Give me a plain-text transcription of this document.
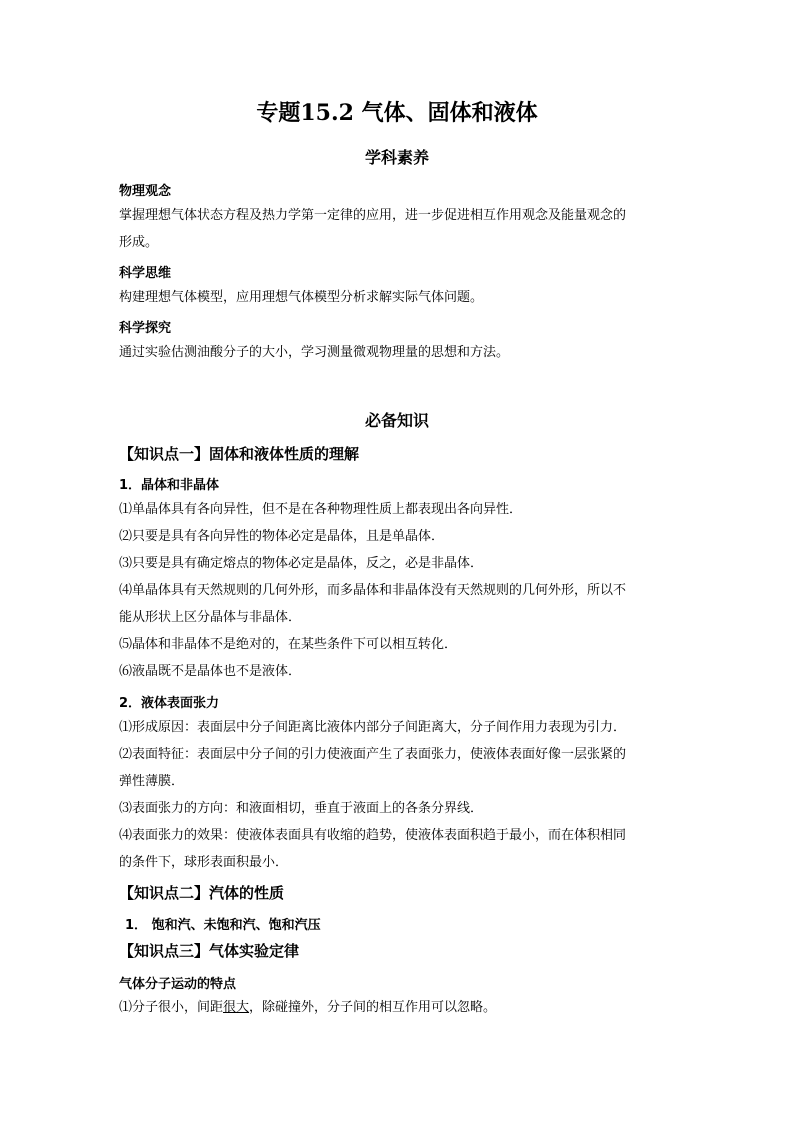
专题15.2 气体、固体和液体
学科素养
物理观念
掌握理想气体状态方程及热力学第一定律的应用，进一步促进相互作用观念及能量观念的
形成。
科学思维
构建理想气体模型，应用理想气体模型分析求解实际气体问题。
科学探究
通过实验估测油酸分子的大小，学习测量微观物理量的思想和方法。
必备知识
【知识点一】固体和液体性质的理解
1．晶体和非晶体
⑴单晶体具有各向异性，但不是在各种物理性质上都表现出各向异性．
⑵只要是具有各向异性的物体必定是晶体，且是单晶体．
⑶只要是具有确定熔点的物体必定是晶体，反之，必是非晶体．
⑷单晶体具有天然规则的几何外形，而多晶体和非晶体没有天然规则的几何外形，所以不
能从形状上区分晶体与非晶体．
⑸晶体和非晶体不是绝对的，在某些条件下可以相互转化．
⑹液晶既不是晶体也不是液体．
2．液体表面张力
⑴形成原因：表面层中分子间距离比液体内部分子间距离大，分子间作用力表现为引力．
⑵表面特征：表面层中分子间的引力使液面产生了表面张力，使液体表面好像一层张紧的
弹性薄膜．
⑶表面张力的方向：和液面相切，垂直于液面上的各条分界线．
⑷表面张力的效果：使液体表面具有收缩的趋势，使液体表面积趋于最小，而在体积相同
的条件下，球形表面积最小．
【知识点二】汽体的性质
1． 饱和汽、未饱和汽、饱和汽压
【知识点三】气体实验定律
气体分子运动的特点
⑴分子很小，间距很大，除碰撞外，分子间的相互作用可以忽略。
